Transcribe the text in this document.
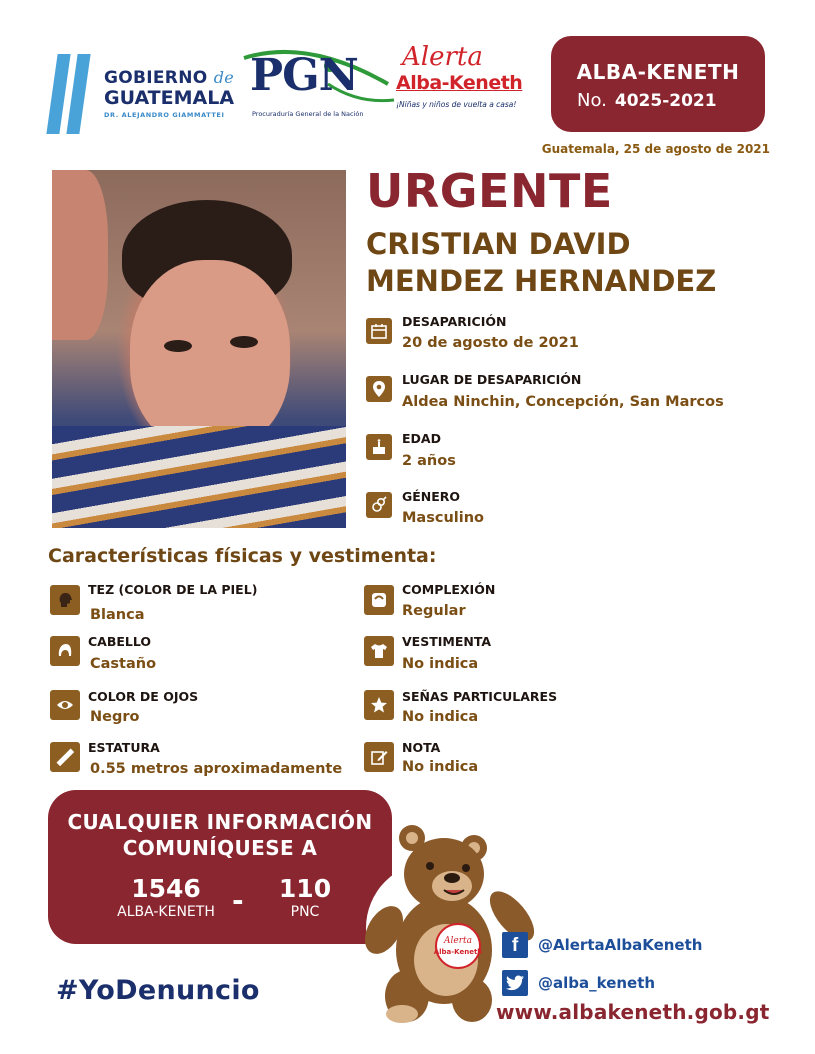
GOBIERNO de
GUATEMALA
DR. ALEJANDRO GIAMMATTEI
PGN
Procuraduría General de la Nación
Alerta
Alba-Keneth
¡Niñas y niños de vuelta a casa!
ALBA-KENETH
No. 4025-2021
Guatemala, 25 de agosto de 2021
URGENTE
CRISTIAN DAVID
MENDEZ HERNANDEZ
DESAPARICIÓN
20 de agosto de 2021
LUGAR DE DESAPARICIÓN
Aldea Ninchin, Concepción, San Marcos
EDAD
2 años
GÉNERO
Masculino
Características físicas y vestimenta:
TEZ (COLOR DE LA PIEL)
Blanca
CABELLO
Castaño
COLOR DE OJOS
Negro
ESTATURA
0.55 metros aproximadamente
COMPLEXIÓN
Regular
VESTIMENTA
No indica
SEÑAS PARTICULARES
No indica
NOTA
No indica
CUALQUIER INFORMACIÓN
COMUNÍQUESE A
1546
ALBA-KENETH -	110
PNC
#YoDenuncio
Alerta
Alba-Keneth	f	@AlertaAlbaKeneth
@alba_keneth
www.albakeneth.gob.gt
